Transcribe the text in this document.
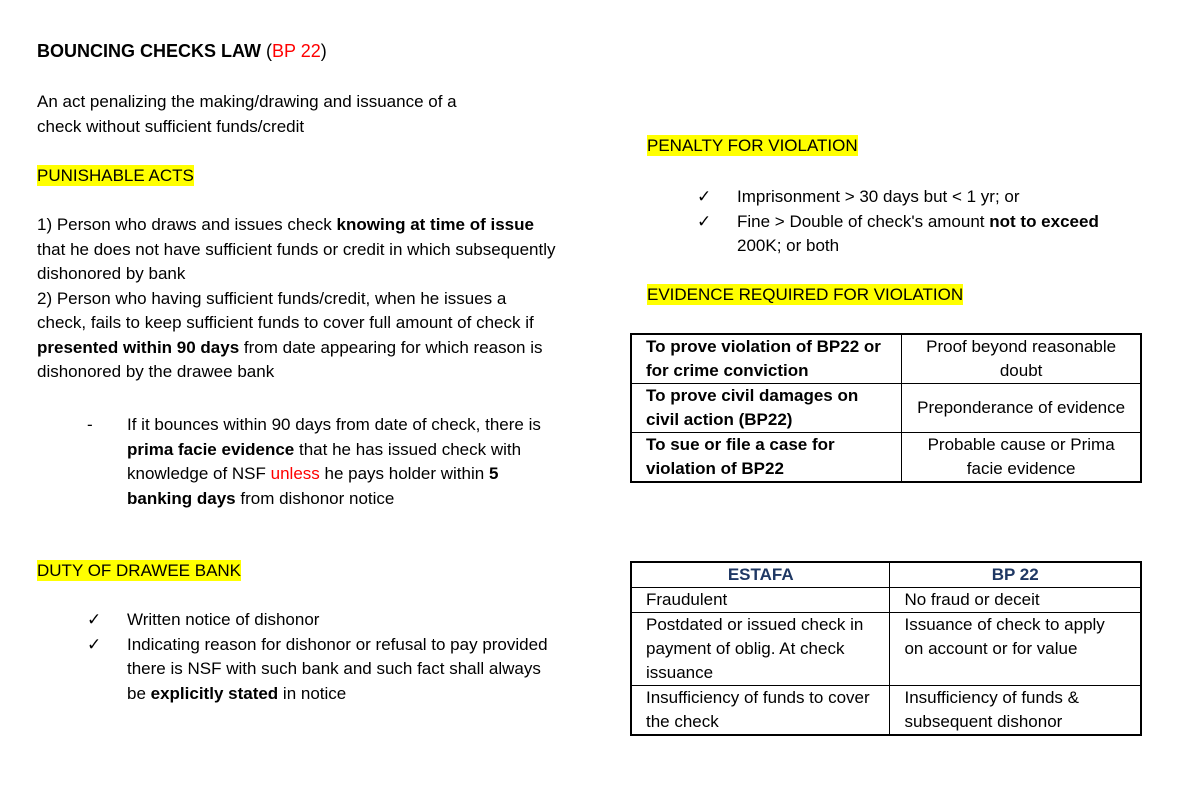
BOUNCING CHECKS LAW (BP 22)
An act penalizing the making/drawing and issuance of a
check without sufficient funds/credit
PUNISHABLE ACTS
1) Person who draws and issues check knowing at time of issue that he does not have sufficient funds or credit in which subsequently dishonored by bank
2) Person who having sufficient funds/credit, when he issues a check, fails to keep sufficient funds to cover full amount of check if presented within 90 days from date appearing for which reason is dishonored by the drawee bank
- If it bounces within 90 days from date of check, there is prima facie evidence that he has issued check with knowledge of NSF unless he pays holder within 5 banking days from dishonor notice
DUTY OF DRAWEE BANK
✓ Written notice of dishonor
✓ Indicating reason for dishonor or refusal to pay provided there is NSF with such bank and such fact shall always be explicitly stated in notice
PENALTY FOR VIOLATION
✓ Imprisonment > 30 days but < 1 yr; or
✓ Fine > Double of check's amount not to exceed 200K; or both
EVIDENCE REQUIRED FOR VIOLATION
To prove violation of BP22 or for crime conviction	Proof beyond reasonable doubt
To prove civil damages on civil action (BP22)	Preponderance of evidence
To sue or file a case for violation of BP22	Probable cause or Prima facie evidence
ESTAFA	BP 22
Fraudulent	No fraud or deceit
Postdated or issued check in payment of oblig. At check issuance	Issuance of check to apply on account or for value
Insufficiency of funds to cover the check	Insufficiency of funds & subsequent dishonor
